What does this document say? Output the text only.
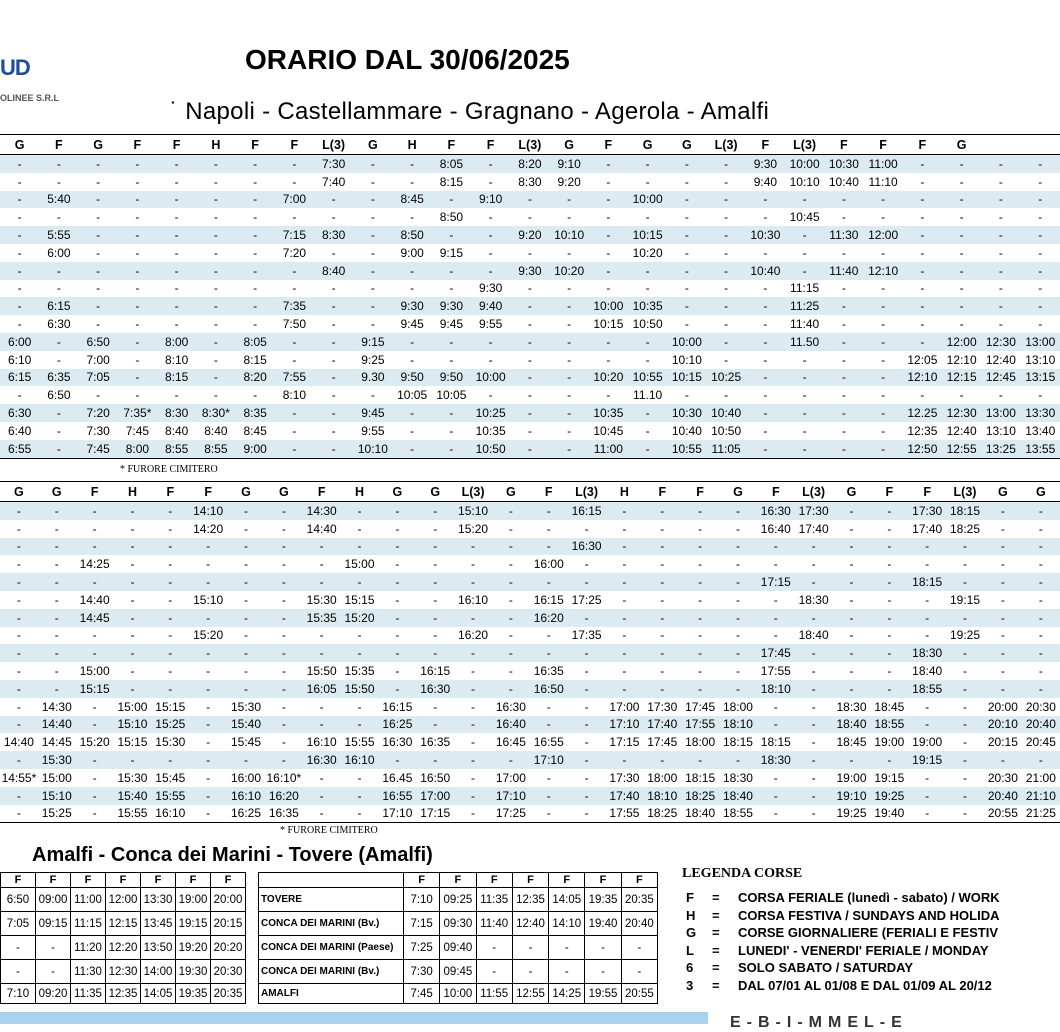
UD
OLINEE S.R.L
ORARIO DAL 30/06/2025
˙ Napoli - Castellammare - Gragnano - Agerola - Amalfi
G	F	G	F	F	H	F	F	L(3)	G	H	F	F	L(3)	G	F	G	G	L(3)	F	L(3)	F	F	F	G		
-	-	-	-	-	-	-	-	7:30	-	-	8:05	-	8:20	9:10	-	-	-	-	9:30	10:00	10:30	11:00	-	-	-	-
-	-	-	-	-	-	-	-	7:40	-	-	8:15	-	8:30	9:20	-	-	-	-	9:40	10:10	10:40	11:10	-	-	-	-
-	5:40	-	-	-	-	-	7:00	-	-	8:45	-	9:10	-	-	-	10:00	-	-	-	-	-	-	-	-	-	-
-	-	-	-	-	-	-	-	-	-	-	8:50	-	-	-	-	-	-	-	-	10:45	-	-	-	-	-	-
-	5:55	-	-	-	-	-	7:15	8:30	-	8:50	-	-	9:20	10:10	-	10:15	-	-	10:30	-	11:30	12:00	-	-	-	-
-	6:00	-	-	-	-	-	7:20	-	-	9:00	9:15	-	-	-	-	10:20	-	-	-	-	-	-	-	-	-	-
-	-	-	-	-	-	-	-	8:40	-	-	-	-	9:30	10:20	-	-	-	-	10:40	-	11:40	12:10	-	-	-	-
-	-	-	-	-	-	-	-	-	-	-	-	9:30	-	-	-	-	-	-	-	11:15	-	-	-	-	-	-
-	6:15	-	-	-	-	-	7:35	-	-	9:30	9:30	9:40	-	-	10:00	10:35	-	-	-	11:25	-	-	-	-	-	-
-	6:30	-	-	-	-	-	7:50	-	-	9:45	9:45	9:55	-	-	10:15	10:50	-	-	-	11:40	-	-	-	-	-	-
6:00	-	6:50	-	8:00	-	8:05	-	-	9:15	-	-	-	-	-	-	-	10:00	-	-	11.50	-	-	-	12:00	12:30	13:00
6:10	-	7:00	-	8:10	-	8:15	-	-	9:25	-	-	-	-	-	-	-	10:10	-	-	-	-	-	12:05	12:10	12:40	13:10
6:15	6:35	7:05	-	8:15	-	8:20	7:55	-	9.30	9:50	9:50	10:00	-	-	10:20	10:55	10:15	10:25	-	-	-	-	12:10	12:15	12:45	13:15
-	6:50	-	-	-	-	-	8:10	-	-	10:05	10:05	-	-	-	-	11.10	-	-	-	-	-	-	-	-	-	-
6:30	-	7:20	7:35*	8:30	8:30*	8:35	-	-	9:45	-	-	10:25	-	-	10:35	-	10:30	10:40	-	-	-	-	12.25	12:30	13:00	13:30
6:40	-	7:30	7:45	8:40	8:40	8:45	-	-	9:55	-	-	10:35	-	-	10:45	-	10:40	10:50	-	-	-	-	12:35	12:40	13:10	13:40
6:55	-	7:45	8:00	8:55	8:55	9:00	-	-	10:10	-	-	10:50	-	-	11:00	-	10:55	11:05	-	-	-	-	12:50	12:55	13:25	13:55
* FURORE CIMITERO
G	G	F	H	F	F	G	G	F	H	G	G	L(3)	G	F	L(3)	H	F	F	G	F	L(3)	G	F	F	L(3)	G	G
-	-	-	-	-	14:10	-	-	14:30	-	-	-	15:10	-	-	16:15	-	-	-	-	16:30	17:30	-	-	17:30	18:15	-	-
-	-	-	-	-	14:20	-	-	14:40	-	-	-	15:20	-	-	-	-	-	-	-	16:40	17:40	-	-	17:40	18:25	-	-
-	-	-	-	-	-	-	-	-	-	-	-	-	-	-	16:30	-	-	-	-	-	-	-	-	-	-	-	-
-	-	14:25	-	-	-	-	-	-	15:00	-	-	-	-	16:00	-	-	-	-	-	-	-	-	-	-	-	-	-
-	-	-	-	-	-	-	-	-	-	-	-	-	-	-	-	-	-	-	-	17:15	-	-	-	18:15	-	-	-
-	-	14:40	-	-	15:10	-	-	15:30	15:15	-	-	16:10	-	16:15	17:25	-	-	-	-	-	18:30	-	-	-	19:15	-	-
-	-	14:45	-	-	-	-	-	15:35	15:20	-	-	-	-	16:20	-	-	-	-	-	-	-	-	-	-	-	-	-
-	-	-	-	-	15:20	-	-	-	-	-	-	16:20	-	-	17:35	-	-	-	-	-	18:40	-	-	-	19:25	-	-
-	-	-	-	-	-	-	-	-	-	-	-	-	-	-	-	-	-	-	-	17:45	-	-	-	18:30	-	-	-
-	-	15:00	-	-	-	-	-	15:50	15:35	-	16:15	-	-	16:35	-	-	-	-	-	17:55	-	-	-	18:40	-	-	-
-	-	15:15	-	-	-	-	-	16:05	15:50	-	16:30	-	-	16:50	-	-	-	-	-	18:10	-	-	-	18:55	-	-	-
-	14:30	-	15:00	15:15	-	15:30	-	-	-	16:15	-	-	16:30	-	-	17:00	17:30	17:45	18:00	-	-	18:30	18:45	-	-	20:00	20:30
-	14:40	-	15:10	15:25	-	15:40	-	-	-	16:25	-	-	16:40	-	-	17:10	17:40	17:55	18:10	-	-	18:40	18:55	-	-	20:10	20:40
14:40	14:45	15:20	15:15	15:30	-	15:45	-	16:10	15:55	16:30	16:35	-	16:45	16:55	-	17:15	17:45	18:00	18:15	18:15	-	18:45	19:00	19:00	-	20:15	20:45
-	15:30	-	-	-	-	-	-	16:30	16:10	-	-	-	-	17:10	-	-	-	-	-	18:30	-	-	-	19:15	-	-	-
14:55*	15:00	-	15:30	15:45	-	16:00	16:10*	-	-	16.45	16:50	-	17:00	-	-	17:30	18:00	18:15	18:30	-	-	19:00	19:15	-	-	20:30	21:00
-	15:10	-	15:40	15:55	-	16:10	16:20	-	-	16:55	17:00	-	17:10	-	-	17:40	18:10	18:25	18:40	-	-	19:10	19:25	-	-	20:40	21:10
-	15:25	-	15:55	16:10	-	16:25	16:35	-	-	17:10	17:15	-	17:25	-	-	17:55	18:25	18:40	18:55	-	-	19:25	19:40	-	-	20:55	21:25
* FURORE CIMITERO
Amalfi - Conca dei Marini - Tovere (Amalfi)
F	F	F	F	F	F	F
6:50	09:00	11:00	12:00	13:30	19:00	20:00
7:05	09:15	11:15	12:15	13:45	19:15	20:15
-	-	11:20	12:20	13:50	19:20	20:20
-	-	11:30	12:30	14:00	19:30	20:30
7:10	09:20	11:35	12:35	14:05	19:35	20:35
	F	F	F	F	F	F	F
TOVERE	7:10	09:25	11:35	12:35	14:05	19:35	20:35
CONCA DEI MARINI (Bv.)	7:15	09:30	11:40	12:40	14:10	19:40	20:40
CONCA DEI MARINI (Paese)	7:25	09:40	-	-	-	-	-
CONCA DEI MARINI (Bv.)	7:30	09:45	-	-	-	-	-
AMALFI	7:45	10:00	11:55	12:55	14:25	19:55	20:55
LEGENDA CORSE
F = CORSA FERIALE (lunedì - sabato) / WORK
H = CORSA FESTIVA / SUNDAYS AND HOLIDA
G = CORSE GIORNALIERE (FERIALI E FESTIV
L = LUNEDI' - VENERDI' FERIALE / MONDAY
6 = SOLO SABATO / SATURDAY
3 = DAL 07/01 AL 01/08 E DAL 01/09 AL 20/12
E-B-I-MMEL-E
